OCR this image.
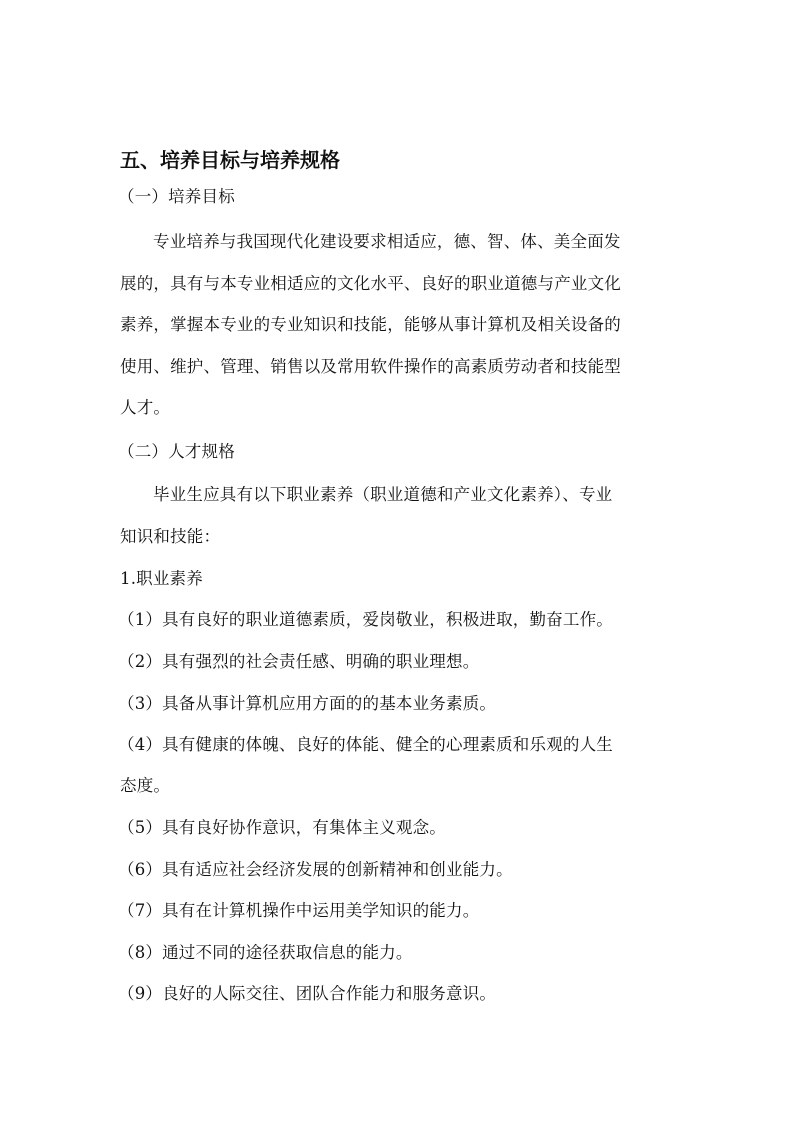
五、培养目标与培养规格
（一）培养目标
专业培养与我国现代化建设要求相适应，德、智、体、美全面发
展的，具有与本专业相适应的文化水平、良好的职业道德与产业文化
素养，掌握本专业的专业知识和技能，能够从事计算机及相关设备的
使用、维护、管理、销售以及常用软件操作的高素质劳动者和技能型
人才。
（二）人才规格
毕业生应具有以下职业素养（职业道德和产业文化素养）、专业
知识和技能：
1.职业素养
（1）具有良好的职业道德素质，爱岗敬业，积极进取，勤奋工作。
（2）具有强烈的社会责任感、明确的职业理想。
（3）具备从事计算机应用方面的的基本业务素质。
（4）具有健康的体魄、良好的体能、健全的心理素质和乐观的人生
态度。
（5）具有良好协作意识，有集体主义观念。
（6）具有适应社会经济发展的创新精神和创业能力。
（7）具有在计算机操作中运用美学知识的能力。
（8）通过不同的途径获取信息的能力。
（9）良好的人际交往、团队合作能力和服务意识。
